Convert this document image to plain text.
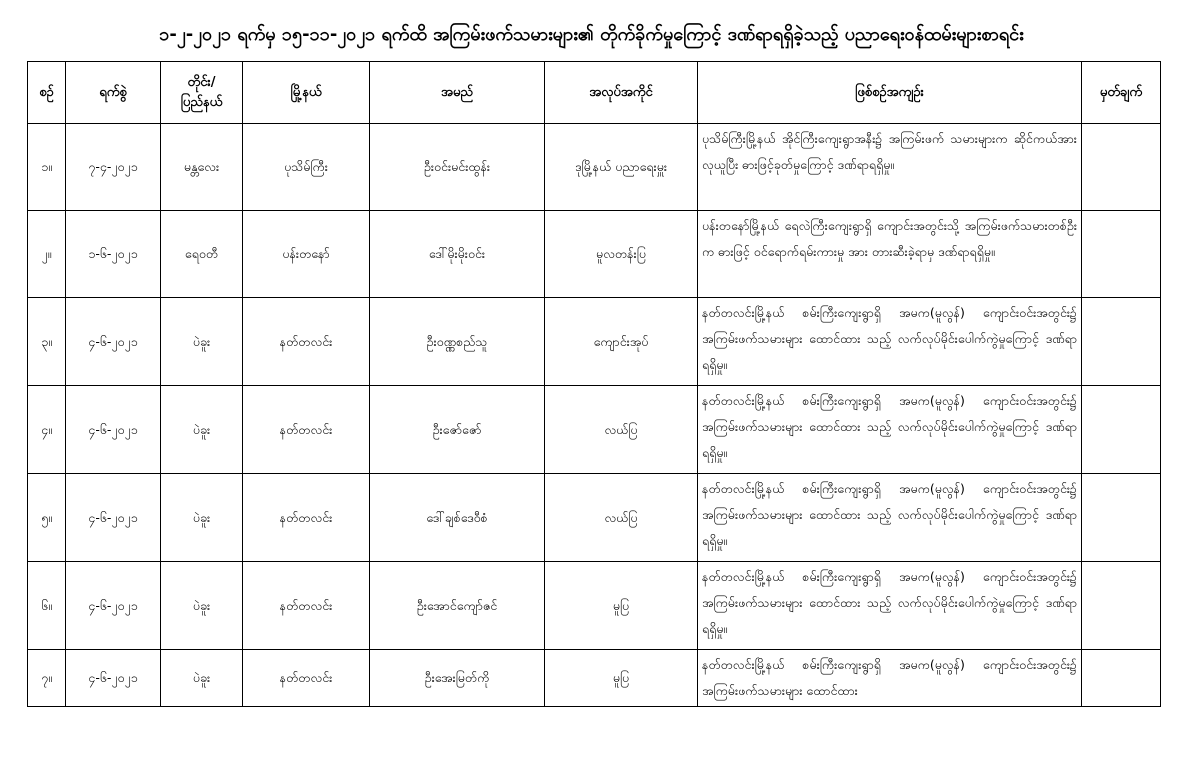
၁-၂-၂၀၂၁ ရက်မှ ၁၅-၁၁-၂၀၂၁ ရက်ထိ အကြမ်းဖက်သမားများ၏ တိုက်ခိုက်မှုကြောင့် ဒဏ်ရာရရှိခဲ့သည့် ပညာရေးဝန်ထမ်းများစာရင်း
စဉ်	ရက်စွဲ	တိုင်း/ ပြည်နယ်	မြို့နယ်	အမည်	အလုပ်အကိုင်	ဖြစ်စဉ်အကျဉ်း	မှတ်ချက်
၁။	၇-၄-၂၀၂၁	မန္တလေး	ပုသိမ်ကြီး	ဦးဝင်းမင်းထွန်း	ဒုမြို့နယ် ပညာရေးမှူး	ပုသိမ်ကြီးမြို့နယ် အိုင်ကြီးကျေးရွာအနီး၌ အကြမ်းဖက် သမားများက ဆိုင်ကယ်အား လုယူပြီး ဓားဖြင့်ခုတ်မှုကြောင့် ဒဏ်ရာရရှိမှု။	

၂။	၁-၆-၂၀၂၁	ရေဝတီ	ပန်းတနော်	ဒေါ်မိုးမိုးဝင်း	မူလတန်းပြ	ပန်းတနော်မြို့နယ် ရေလဲကြီးကျေးရွာရှိ ကျောင်းအတွင်းသို့ အကြမ်းဖက်သမားတစ်ဦးက ဓားဖြင့် ဝင်ရောက်ရမ်းကားမှု အား တားဆီးခဲ့ရာမှ ဒဏ်ရာရရှိမှု။	

၃။	၄-၆-၂၀၂၁	ပဲခူး	နတ်တလင်း	ဦးဝဏ္ဏစည်သူ	ကျောင်းအုပ်	နတ်တလင်းမြို့နယ် စမ်းကြီးကျေးရွာရှိ အမက(မူလွန်) ကျောင်းဝင်းအတွင်း၌ အကြမ်းဖက်သမားများ ထောင်ထား သည့် လက်လုပ်မိုင်းပေါက်ကွဲမှုကြောင့် ဒဏ်ရာရရှိမှု။	

၄။	၄-၆-၂၀၂၁	ပဲခူး	နတ်တလင်း	ဦးဇော်ဇော်	လယ်ပြ	နတ်တလင်းမြို့နယ် စမ်းကြီးကျေးရွာရှိ အမက(မူလွန်) ကျောင်းဝင်းအတွင်း၌ အကြမ်းဖက်သမားများ ထောင်ထား သည့် လက်လုပ်မိုင်းပေါက်ကွဲမှုကြောင့် ဒဏ်ရာရရှိမှု။	

၅။	၄-၆-၂၀၂၁	ပဲခူး	နတ်တလင်း	ဒေါ်ချစ်ဒေဝီစံ	လယ်ပြ	နတ်တလင်းမြို့နယ် စမ်းကြီးကျေးရွာရှိ အမက(မူလွန်) ကျောင်းဝင်းအတွင်း၌ အကြမ်းဖက်သမားများ ထောင်ထား သည့် လက်လုပ်မိုင်းပေါက်ကွဲမှုကြောင့် ဒဏ်ရာရရှိမှု။	

၆။	၄-၆-၂၀၂၁	ပဲခူး	နတ်တလင်း	ဦးအောင်ကျော်ဇင်	မူပြ	နတ်တလင်းမြို့နယ် စမ်းကြီးကျေးရွာရှိ အမက(မူလွန်) ကျောင်းဝင်းအတွင်း၌ အကြမ်းဖက်သမားများ ထောင်ထား သည့် လက်လုပ်မိုင်းပေါက်ကွဲမှုကြောင့် ဒဏ်ရာရရှိမှု။	

၇။	၄-၆-၂၀၂၁	ပဲခူး	နတ်တလင်း	ဦးအေးမြတ်ကို	မူပြ	နတ်တလင်းမြို့နယ် စမ်းကြီးကျေးရွာရှိ အမက(မူလွန်) ကျောင်းဝင်းအတွင်း၌ အကြမ်းဖက်သမားများ ထောင်ထား	
